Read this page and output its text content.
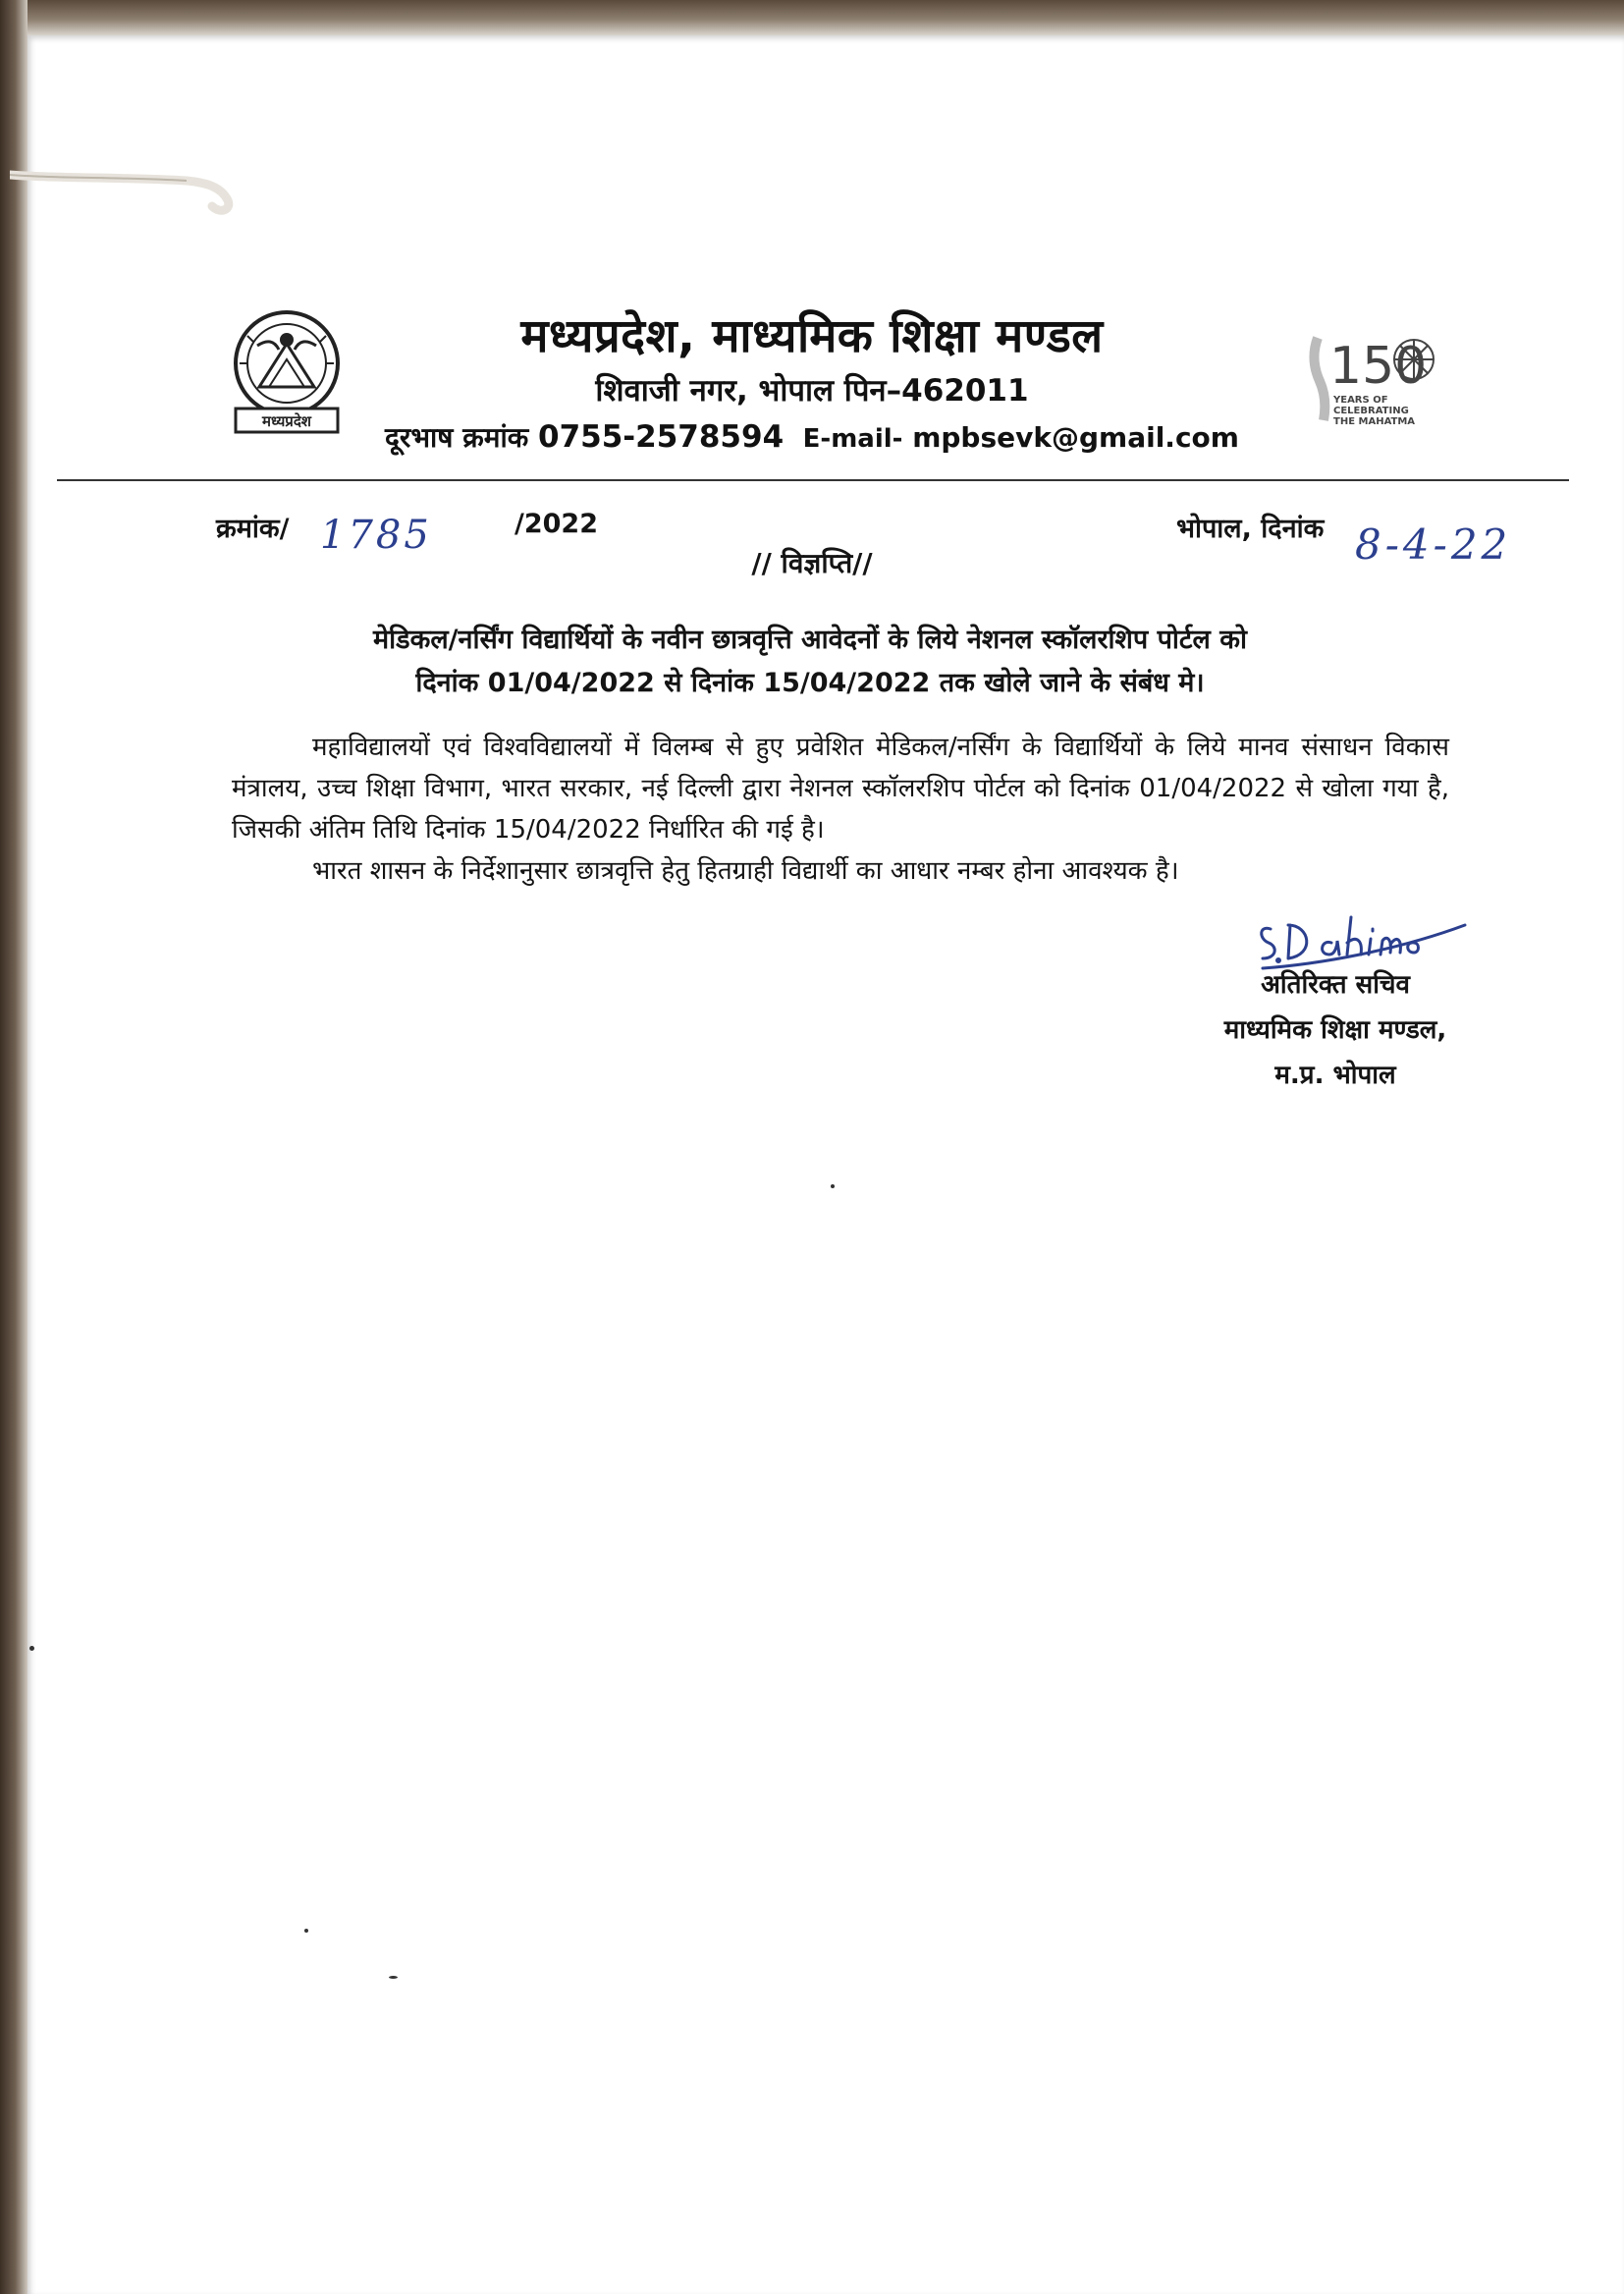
मध्यप्रदेश
150
YEARS OF
CELEBRATING
THE MAHATMA
मध्यप्रदेश, माध्यमिक शिक्षा मण्डल
शिवाजी नगर, भोपाल पिन–462011
दूरभाष क्रमांक 0755-2578594 E-mail- mpbsevk@gmail.com
क्रमांक/ 1785	/2022	भोपाल, दिनांक 8-4-22
// विज्ञप्ति//
मेडिकल/नर्सिंग विद्यार्थियों के नवीन छात्रवृत्ति आवेदनों के लिये नेशनल स्कॉलरशिप पोर्टल को
दिनांक 01/04/2022 से दिनांक 15/04/2022 तक खोले जाने के संबंध मे।

महाविद्यालयों एवं विश्वविद्यालयों में विलम्ब से हुए प्रवेशित मेडिकल/नर्सिंग के विद्यार्थियों के लिये मानव संसाधन विकास मंत्रालय, उच्च शिक्षा विभाग, भारत सरकार, नई दिल्ली द्वारा नेशनल स्कॉलरशिप पोर्टल को दिनांक 01/04/2022 से खोला गया है, जिसकी अंतिम तिथि दिनांक 15/04/2022 निर्धारित की गई है।

भारत शासन के निर्देशानुसार छात्रवृत्ति हेतु हितग्राही विद्यार्थी का आधार नम्बर होना आवश्यक है।

अतिरिक्त सचिव
माध्यमिक शिक्षा मण्डल,
म.प्र. भोपाल
